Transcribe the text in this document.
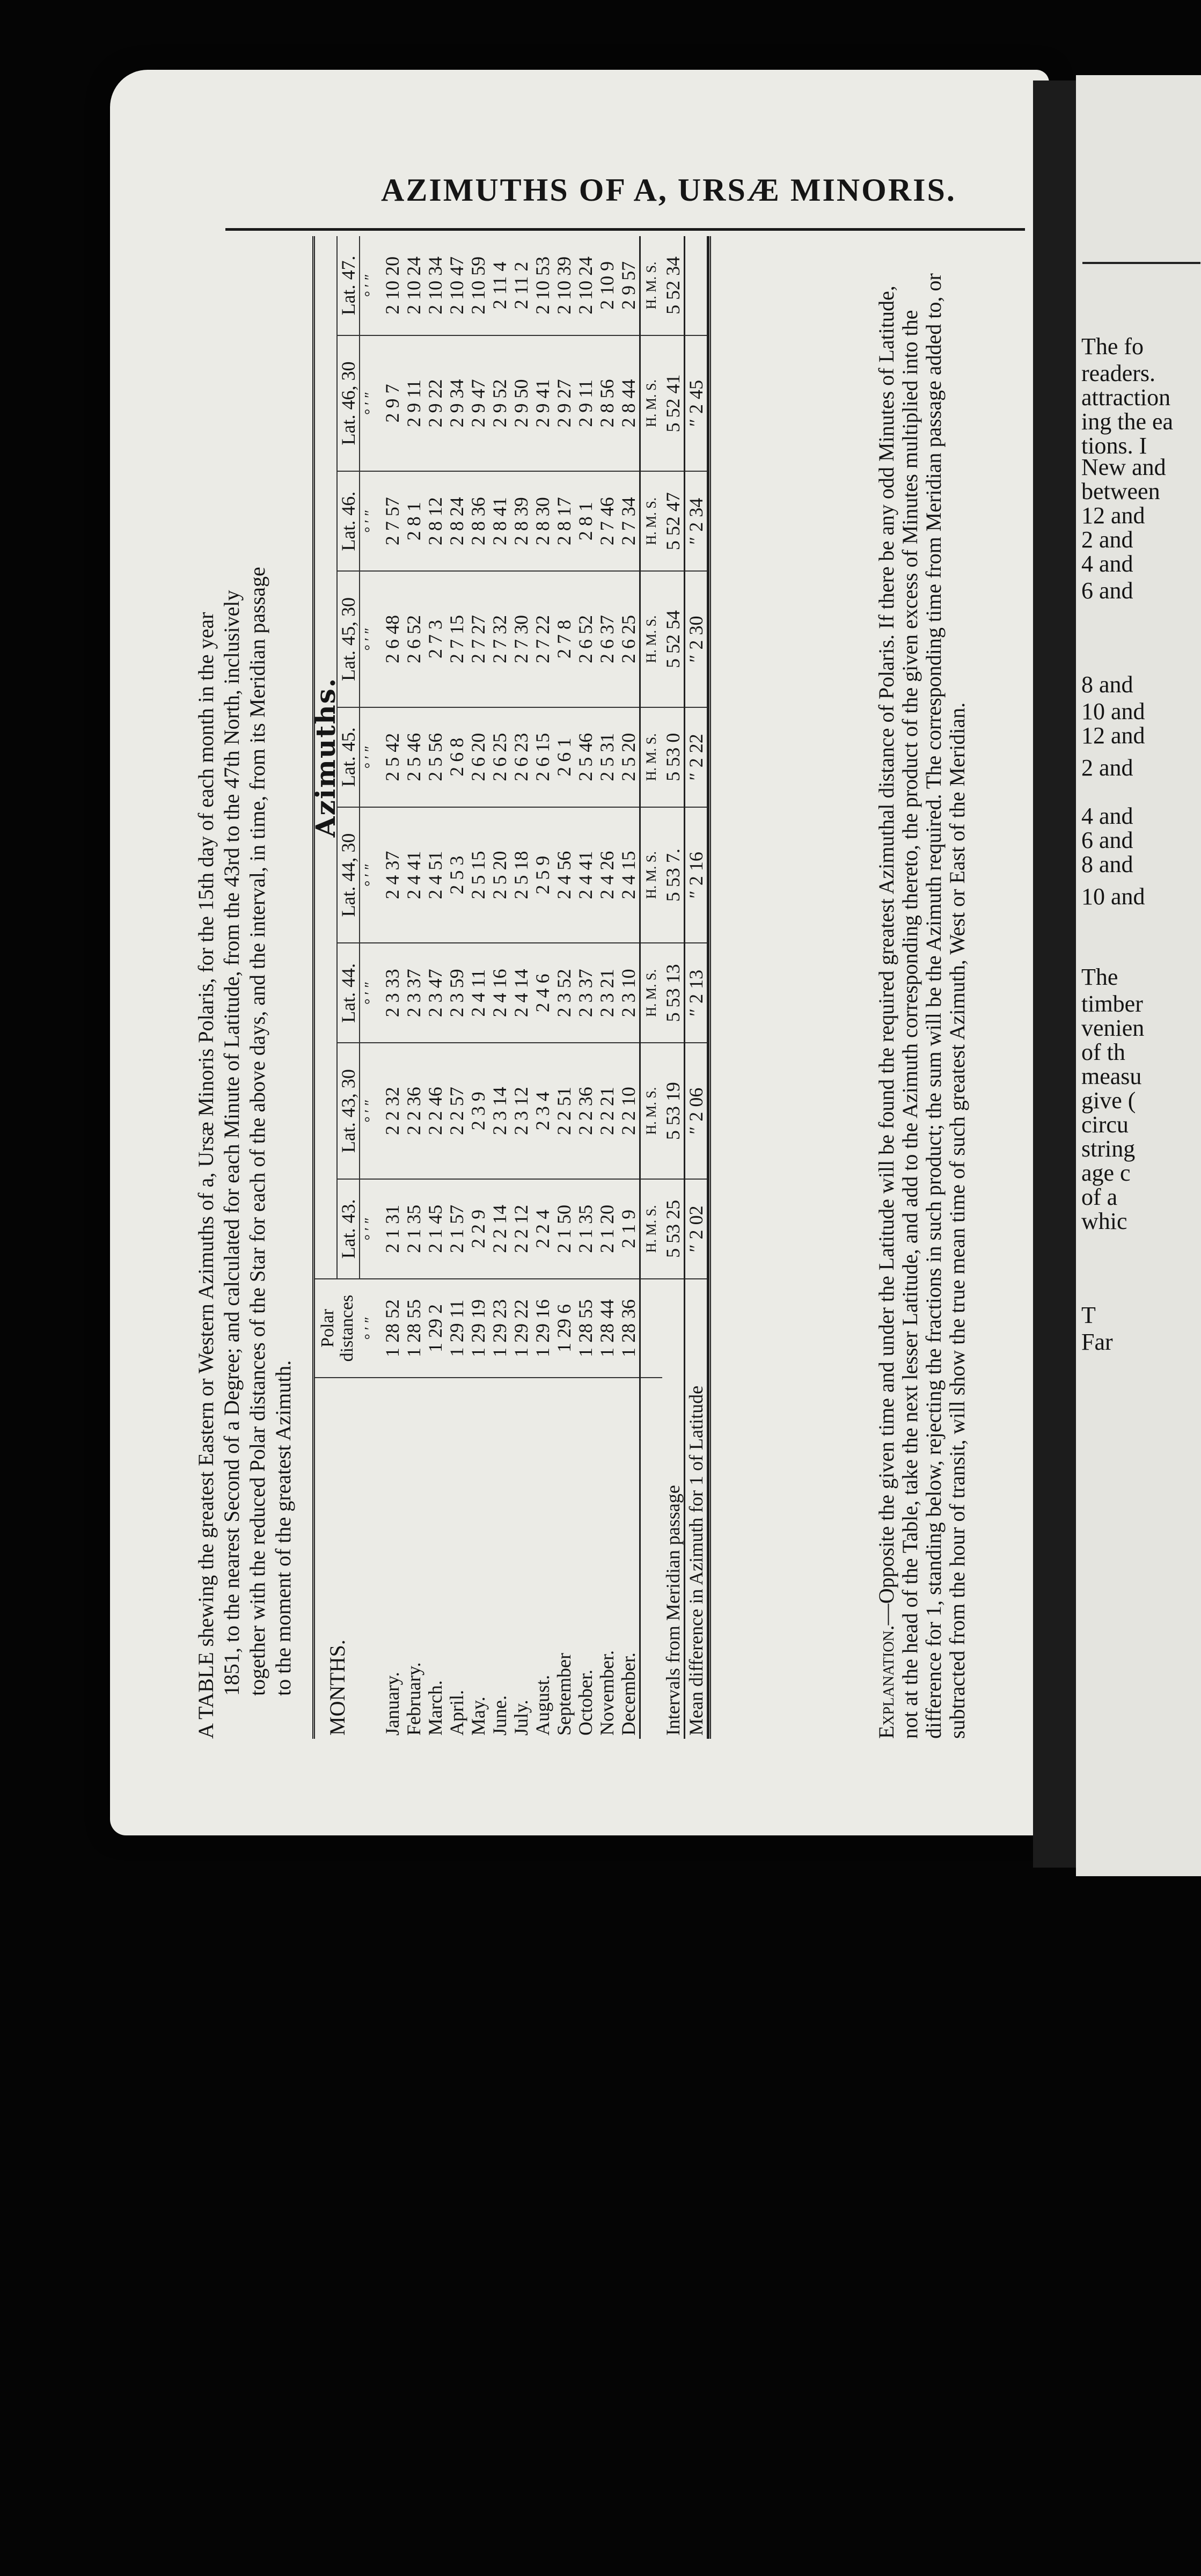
The fo
readers.
attraction
ing the ea
tions. I
New and
between
12 and
2 and
4 and
6 and
8 and
10 and
12 and
2 and
4 and
6 and
8 and
10 and
The
timber
venien
of th
measu
give (
circu
string
age c
of a
whic
T
Far
AZIMUTHS OF A, URSÆ MINORIS.
A TABLE shewing the greatest Eastern or Western Azimuths of a, Ursæ Minoris Polaris, for the 15th day of each month in the year 1851, to the nearest Second of a Degree; and calculated for each Minute of Latitude, from the 43rd to the 47th North, inclusively together with the reduced Polar distances of the Star for each of the above days, and the interval, in time, from its Meridian passage to the moment of the greatest Azimuth. MONTHS.	Polar distances	Azimuths.								
		Lat. 43.	Lat. 43, 30	Lat. 44.	Lat. 44, 30	Lat. 45.	Lat. 45, 30	Lat. 46.	Lat. 46, 30	Lat. 47.
	° ′ ″	° ′ ″	° ′ ″	° ′ ″	° ′ ″	° ′ ″	° ′ ″	° ′ ″	° ′ ″	° ′ ″
January.	1 28 52	2 1 31	2 2 32	2 3 33	2 4 37	2 5 42	2 6 48	2 7 57	2 9 7	2 10 20
February.	1 28 55	2 1 35	2 2 36	2 3 37	2 4 41	2 5 46	2 6 52	2 8 1	2 9 11	2 10 24
March.	1 29 2	2 1 45	2 2 46	2 3 47	2 4 51	2 5 56	2 7 3	2 8 12	2 9 22	2 10 34
April.	1 29 11	2 1 57	2 2 57	2 3 59	2 5 3	2 6 8	2 7 15	2 8 24	2 9 34	2 10 47
May.	1 29 19	2 2 9	2 3 9	2 4 11	2 5 15	2 6 20	2 7 27	2 8 36	2 9 47	2 10 59
June.	1 29 23	2 2 14	2 3 14	2 4 16	2 5 20	2 6 25	2 7 32	2 8 41	2 9 52	2 11 4
July.	1 29 22	2 2 12	2 3 12	2 4 14	2 5 18	2 6 23	2 7 30	2 8 39	2 9 50	2 11 2
August.	1 29 16	2 2 4	2 3 4	2 4 6	2 5 9	2 6 15	2 7 22	2 8 30	2 9 41	2 10 53
September	1 29 6	2 1 50	2 2 51	2 3 52	2 4 56	2 6 1	2 7 8	2 8 17	2 9 27	2 10 39
October.	1 28 55	2 1 35	2 2 36	2 3 37	2 4 41	2 5 46	2 6 52	2 8 1	2 9 11	2 10 24
November.	1 28 44	2 1 20	2 2 21	2 3 21	2 4 26	2 5 31	2 6 37	2 7 46	2 8 56	2 10 9
December.	1 28 36	2 1 9	2 2 10	2 3 10	2 4 15	2 5 20	2 6 25	2 7 34	2 8 44	2 9 57
		H. M. S.	H. M. S.	H. M. S.	H. M. S.	H. M. S.	H. M. S.	H. M. S.	H. M. S.	H. M. S.
Intervals from Meridian passage		5 53 25	5 53 19	5 53 13	5 53 7.	5 53 0	5 52 54	5 52 47	5 52 41	5 52 34
Mean difference in Azimuth for 1 of Latitude		″ 2 02	″ 2 06	″ 2 13	″ 2 16	″ 2 22	″ 2 30	″ 2 34	″ 2 45	
Explanation.—Opposite the given time and under the Latitude will be found the required greatest Azimuthal distance of Polaris. If there be any odd Minutes of Latitude, not at the head of the Table, take the next lesser Latitude, and add to the Azimuth corresponding thereto, the product of the given excess of Minutes multiplied into the difference for 1, standing below, rejecting the fractions in such product; the sum will be the Azimuth required. The corresponding time from Meridian passage added to, or subtracted from the hour of transit, will show the true mean time of such greatest Azimuth, West or East of the Meridian.
